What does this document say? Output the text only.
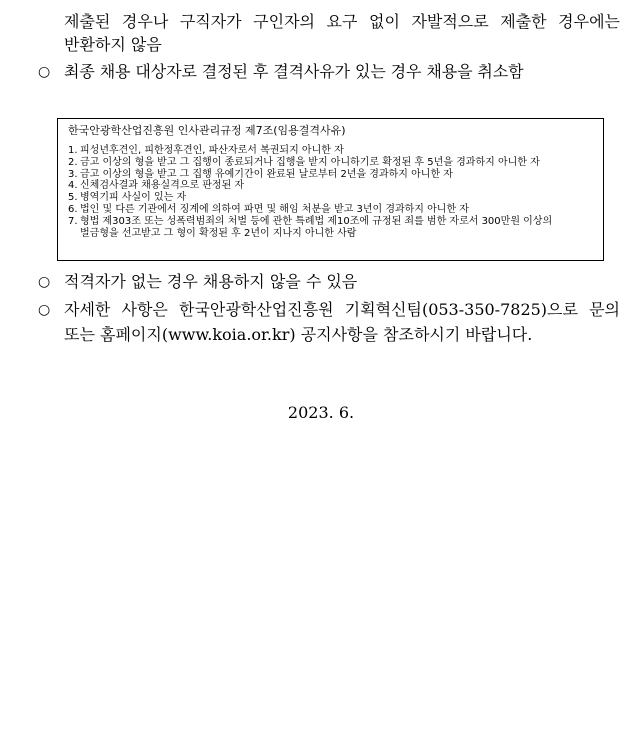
제출된 경우나 구직자가 구인자의 요구 없이 자발적으로 제출한 경우에는
반환하지 않음
○ 최종 채용 대상자로 결정된 후 결격사유가 있는 경우 채용을 취소함
한국안광학산업진흥원 인사관리규정 제7조(임용결격사유)
1. 피성년후견인, 피한정후견인, 파산자로서 복권되지 아니한 자
2. 금고 이상의 형을 받고 그 집행이 종료되거나 집행을 받지 아니하기로 확정된 후 5년을 경과하지 아니한 자
3. 금고 이상의 형을 받고 그 집행 유예기간이 완료된 날로부터 2년을 경과하지 아니한 자
4. 신체검사결과 채용실격으로 판정된 자
5. 병역기피 사실이 있는 자
6. 법인 및 다른 기관에서 징계에 의하여 파면 및 해임 처분을 받고 3년이 경과하지 아니한 자
7. 형법 제303조 또는 성폭력범죄의 처벌 등에 관한 특례법 제10조에 규정된 죄를 범한 자로서 300만원 이상의
벌금형을 선고받고 그 형이 확정된 후 2년이 지나지 아니한 사람
○ 적격자가 없는 경우 채용하지 않을 수 있음
○ 자세한 사항은 한국안광학산업진흥원 기획혁신팀(053-350-7825)으로 문의
또는 홈페이지(www.koia.or.kr) 공지사항을 참조하시기 바랍니다.
2023. 6.
